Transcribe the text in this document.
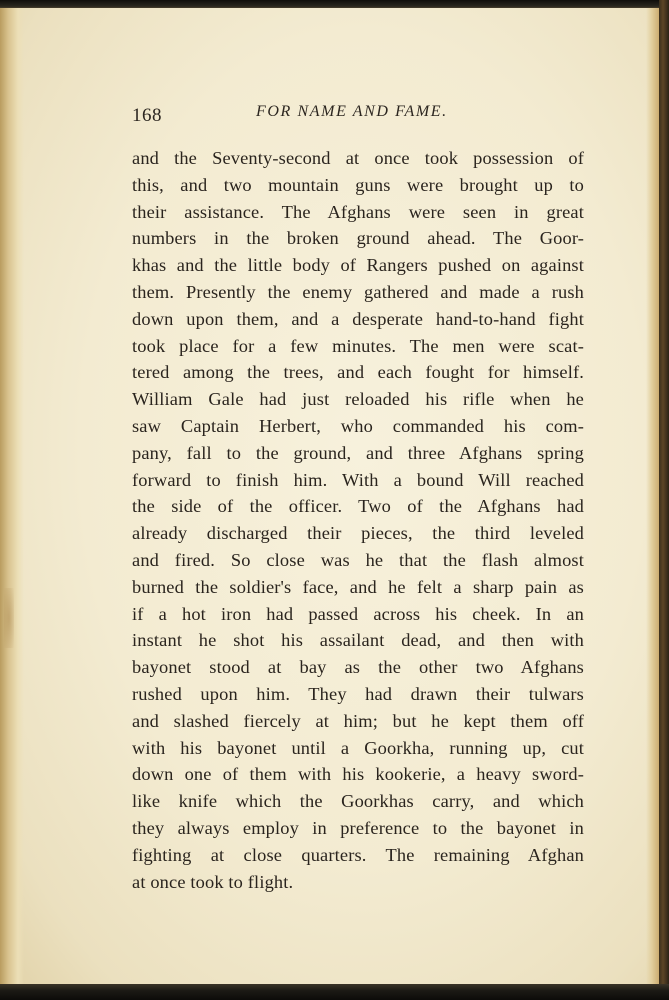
168	FOR NAME AND FAME.
and the Seventy-second at once took possession of
this, and two mountain guns were brought up to
their assistance. The Afghans were seen in great
numbers in the broken ground ahead. The Goor-
khas and the little body of Rangers pushed on against
them. Presently the enemy gathered and made a rush
down upon them, and a desperate hand-to-hand fight
took place for a few minutes. The men were scat-
tered among the trees, and each fought for himself.
William Gale had just reloaded his rifle when he
saw Captain Herbert, who commanded his com-
pany, fall to the ground, and three Afghans spring
forward to finish him. With a bound Will reached
the side of the officer. Two of the Afghans had
already discharged their pieces, the third leveled
and fired. So close was he that the flash almost
burned the soldier's face, and he felt a sharp pain as
if a hot iron had passed across his cheek. In an
instant he shot his assailant dead, and then with
bayonet stood at bay as the other two Afghans
rushed upon him. They had drawn their tulwars
and slashed fiercely at him; but he kept them off
with his bayonet until a Goorkha, running up, cut
down one of them with his kookerie, a heavy sword-
like knife which the Goorkhas carry, and which
they always employ in preference to the bayonet in
fighting at close quarters. The remaining Afghan
at once took to flight.
